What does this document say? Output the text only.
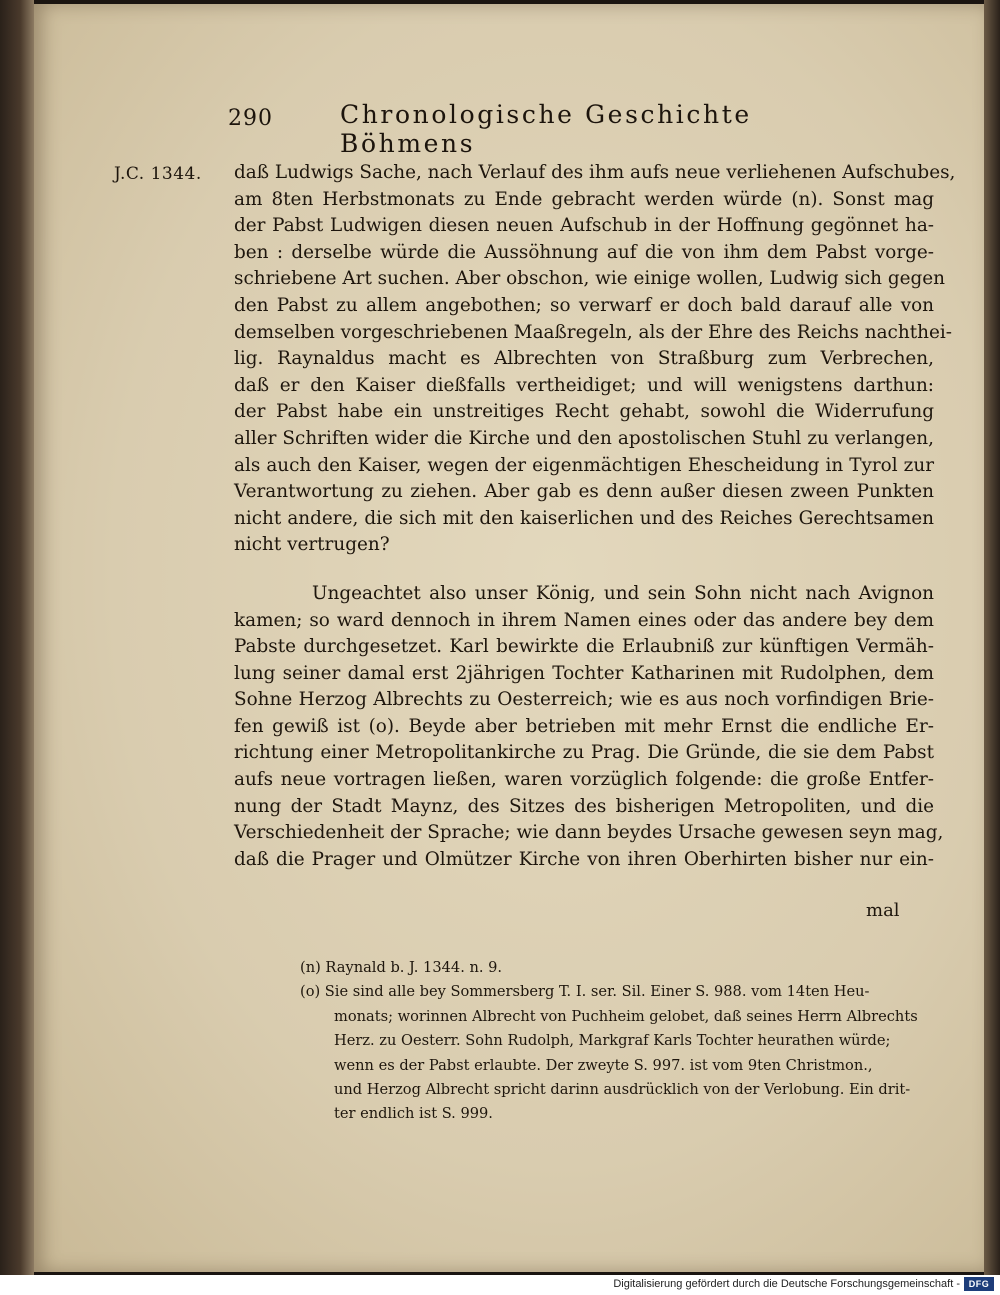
290	Chronologische Geschichte Böhmens
J.C. 1344. daß Ludwigs Sache, nach Verlauf des ihm aufs neue verliehenen Aufschubes,
am 8ten Herbstmonats zu Ende gebracht werden würde (n). Sonst mag
der Pabst Ludwigen diesen neuen Aufschub in der Hoffnung gegönnet ha-
ben : derselbe würde die Aussöhnung auf die von ihm dem Pabst vorge-
schriebene Art suchen. Aber obschon, wie einige wollen, Ludwig sich gegen
den Pabst zu allem angebothen; so verwarf er doch bald darauf alle von
demselben vorgeschriebenen Maaßregeln, als der Ehre des Reichs nachthei-
lig. Raynaldus macht es Albrechten von Straßburg zum Verbrechen,
daß er den Kaiser dießfalls vertheidiget; und will wenigstens darthun:
der Pabst habe ein unstreitiges Recht gehabt, sowohl die Widerrufung
aller Schriften wider die Kirche und den apostolischen Stuhl zu verlangen,
als auch den Kaiser, wegen der eigenmächtigen Ehescheidung in Tyrol zur
Verantwortung zu ziehen. Aber gab es denn außer diesen zween Punkten
nicht andere, die sich mit den kaiserlichen und des Reiches Gerechtsamen
nicht vertrugen?

Ungeachtet also unser König, und sein Sohn nicht nach Avignon
kamen; so ward dennoch in ihrem Namen eines oder das andere bey dem
Pabste durchgesetzet. Karl bewirkte die Erlaubniß zur künftigen Vermäh-
lung seiner damal erst 2jährigen Tochter Katharinen mit Rudolphen, dem
Sohne Herzog Albrechts zu Oesterreich; wie es aus noch vorfindigen Brie-
fen gewiß ist (o). Beyde aber betrieben mit mehr Ernst die endliche Er-
richtung einer Metropolitankirche zu Prag. Die Gründe, die sie dem Pabst
aufs neue vortragen ließen, waren vorzüglich folgende: die große Entfer-
nung der Stadt Maynz, des Sitzes des bisherigen Metropoliten, und die
Verschiedenheit der Sprache; wie dann beydes Ursache gewesen seyn mag,
daß die Prager und Olmützer Kirche von ihren Oberhirten bisher nur ein-

mal

(n) Raynald b. J. 1344. n. 9.

(o) Sie sind alle bey Sommersberg T. I. ser. Sil. Einer S. 988. vom 14ten Heu-
monats; worinnen Albrecht von Puchheim gelobet, daß seines Herrn Albrechts
Herz. zu Oesterr. Sohn Rudolph, Markgraf Karls Tochter heurathen würde;
wenn es der Pabst erlaubte. Der zweyte S. 997. ist vom 9ten Christmon.,
und Herzog Albrecht spricht darinn ausdrücklich von der Verlobung. Ein drit-
ter endlich ist S. 999.

Digitalisierung gefördert durch die Deutsche Forschungsgemeinschaft - DFG
